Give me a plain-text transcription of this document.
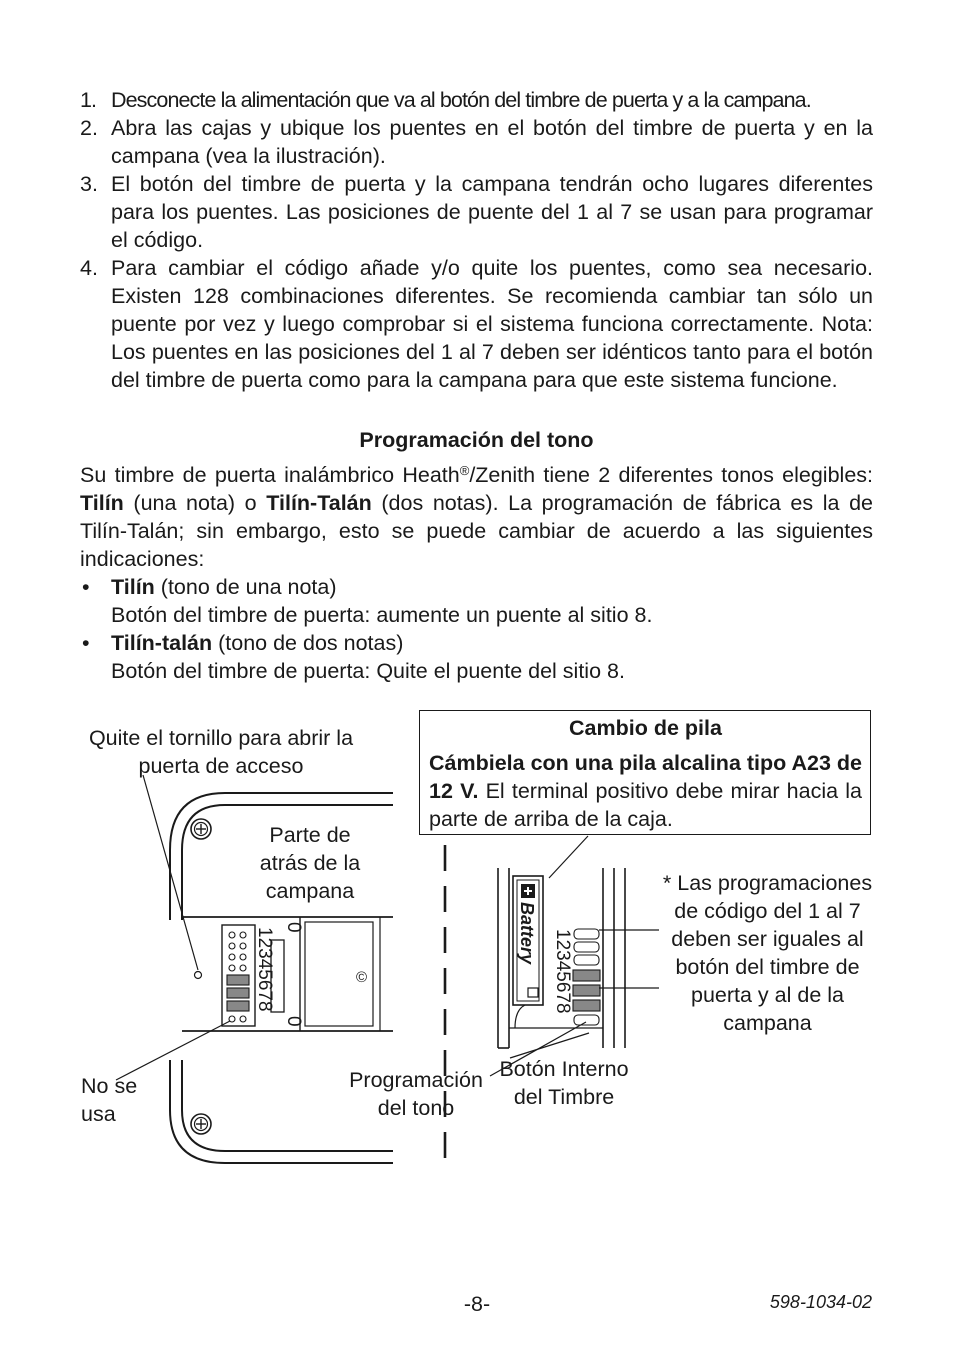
1. Desconecte la alimentación que va al botón del timbre de puerta y a la campana.
2. Abra las cajas y ubique los puentes en el botón del timbre de puerta y en la campana (vea la ilustración).
3. El botón del timbre de puerta y la campana tendrán ocho lugares diferentes para los puentes. Las posiciones de puente del 1 al 7 se usan para programar el código.
4. Para cambiar el código añade y/o quite los puentes, como sea necesario. Existen 128 combinaciones diferentes. Se recomienda cambiar tan sólo un puente por vez y luego comprobar si el sistema funciona correctamente. Nota: Los puentes en las posiciones del 1 al 7 deben ser idénticos tanto para el botón del timbre de puerta como para la campana para que este sistema funcione.
Programación del tono
Su timbre de puerta inalámbrico Heath®/Zenith tiene 2 diferentes tonos elegibles: Tilín (una nota) o Tilín-Talán (dos notas). La programación de fábrica es la de Tilín-Talán; sin embargo, esto se puede cambiar de acuerdo a las siguientes indicaciones:
• Tilín (tono de una nota)
Botón del timbre de puerta: aumente un puente al sitio 8.
• Tilín-talán (tono de dos notas)
Botón del timbre de puerta: Quite el puente del sitio 8.
Cambio de pila
Cámbiela con una pila alcalina tipo A23 de 12 V. El terminal positivo debe mirar hacia la parte de arriba de la caja.
12345678 0
0
©
Battery 12345678
Quite el tornillo para abrir la puerta de acceso
Parte de atrás de la campana
No se usa
Programación del tono
Botón Interno del Timbre
* Las programaciones de código del 1 al 7 deben ser iguales al botón del timbre de puerta y al de la campana
-8-	598-1034-02
